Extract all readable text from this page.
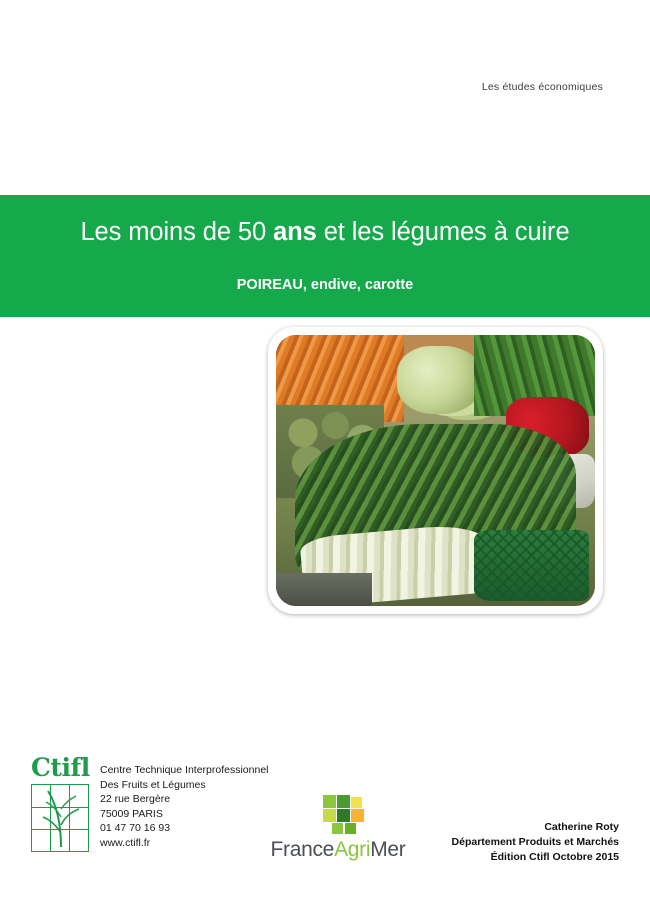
Les études économiques
Les moins de 50 ans et les légumes à cuire
POIREAU, endive, carotte
Ctifl Centre Technique Interprofessionnel
Des Fruits et Légumes
22 rue Bergère
75009 PARIS
01 47 70 16 93
www.ctifl.fr	FranceAgriMer
Catherine Roty
Département Produits et Marchés
Édition Ctifl Octobre 2015
